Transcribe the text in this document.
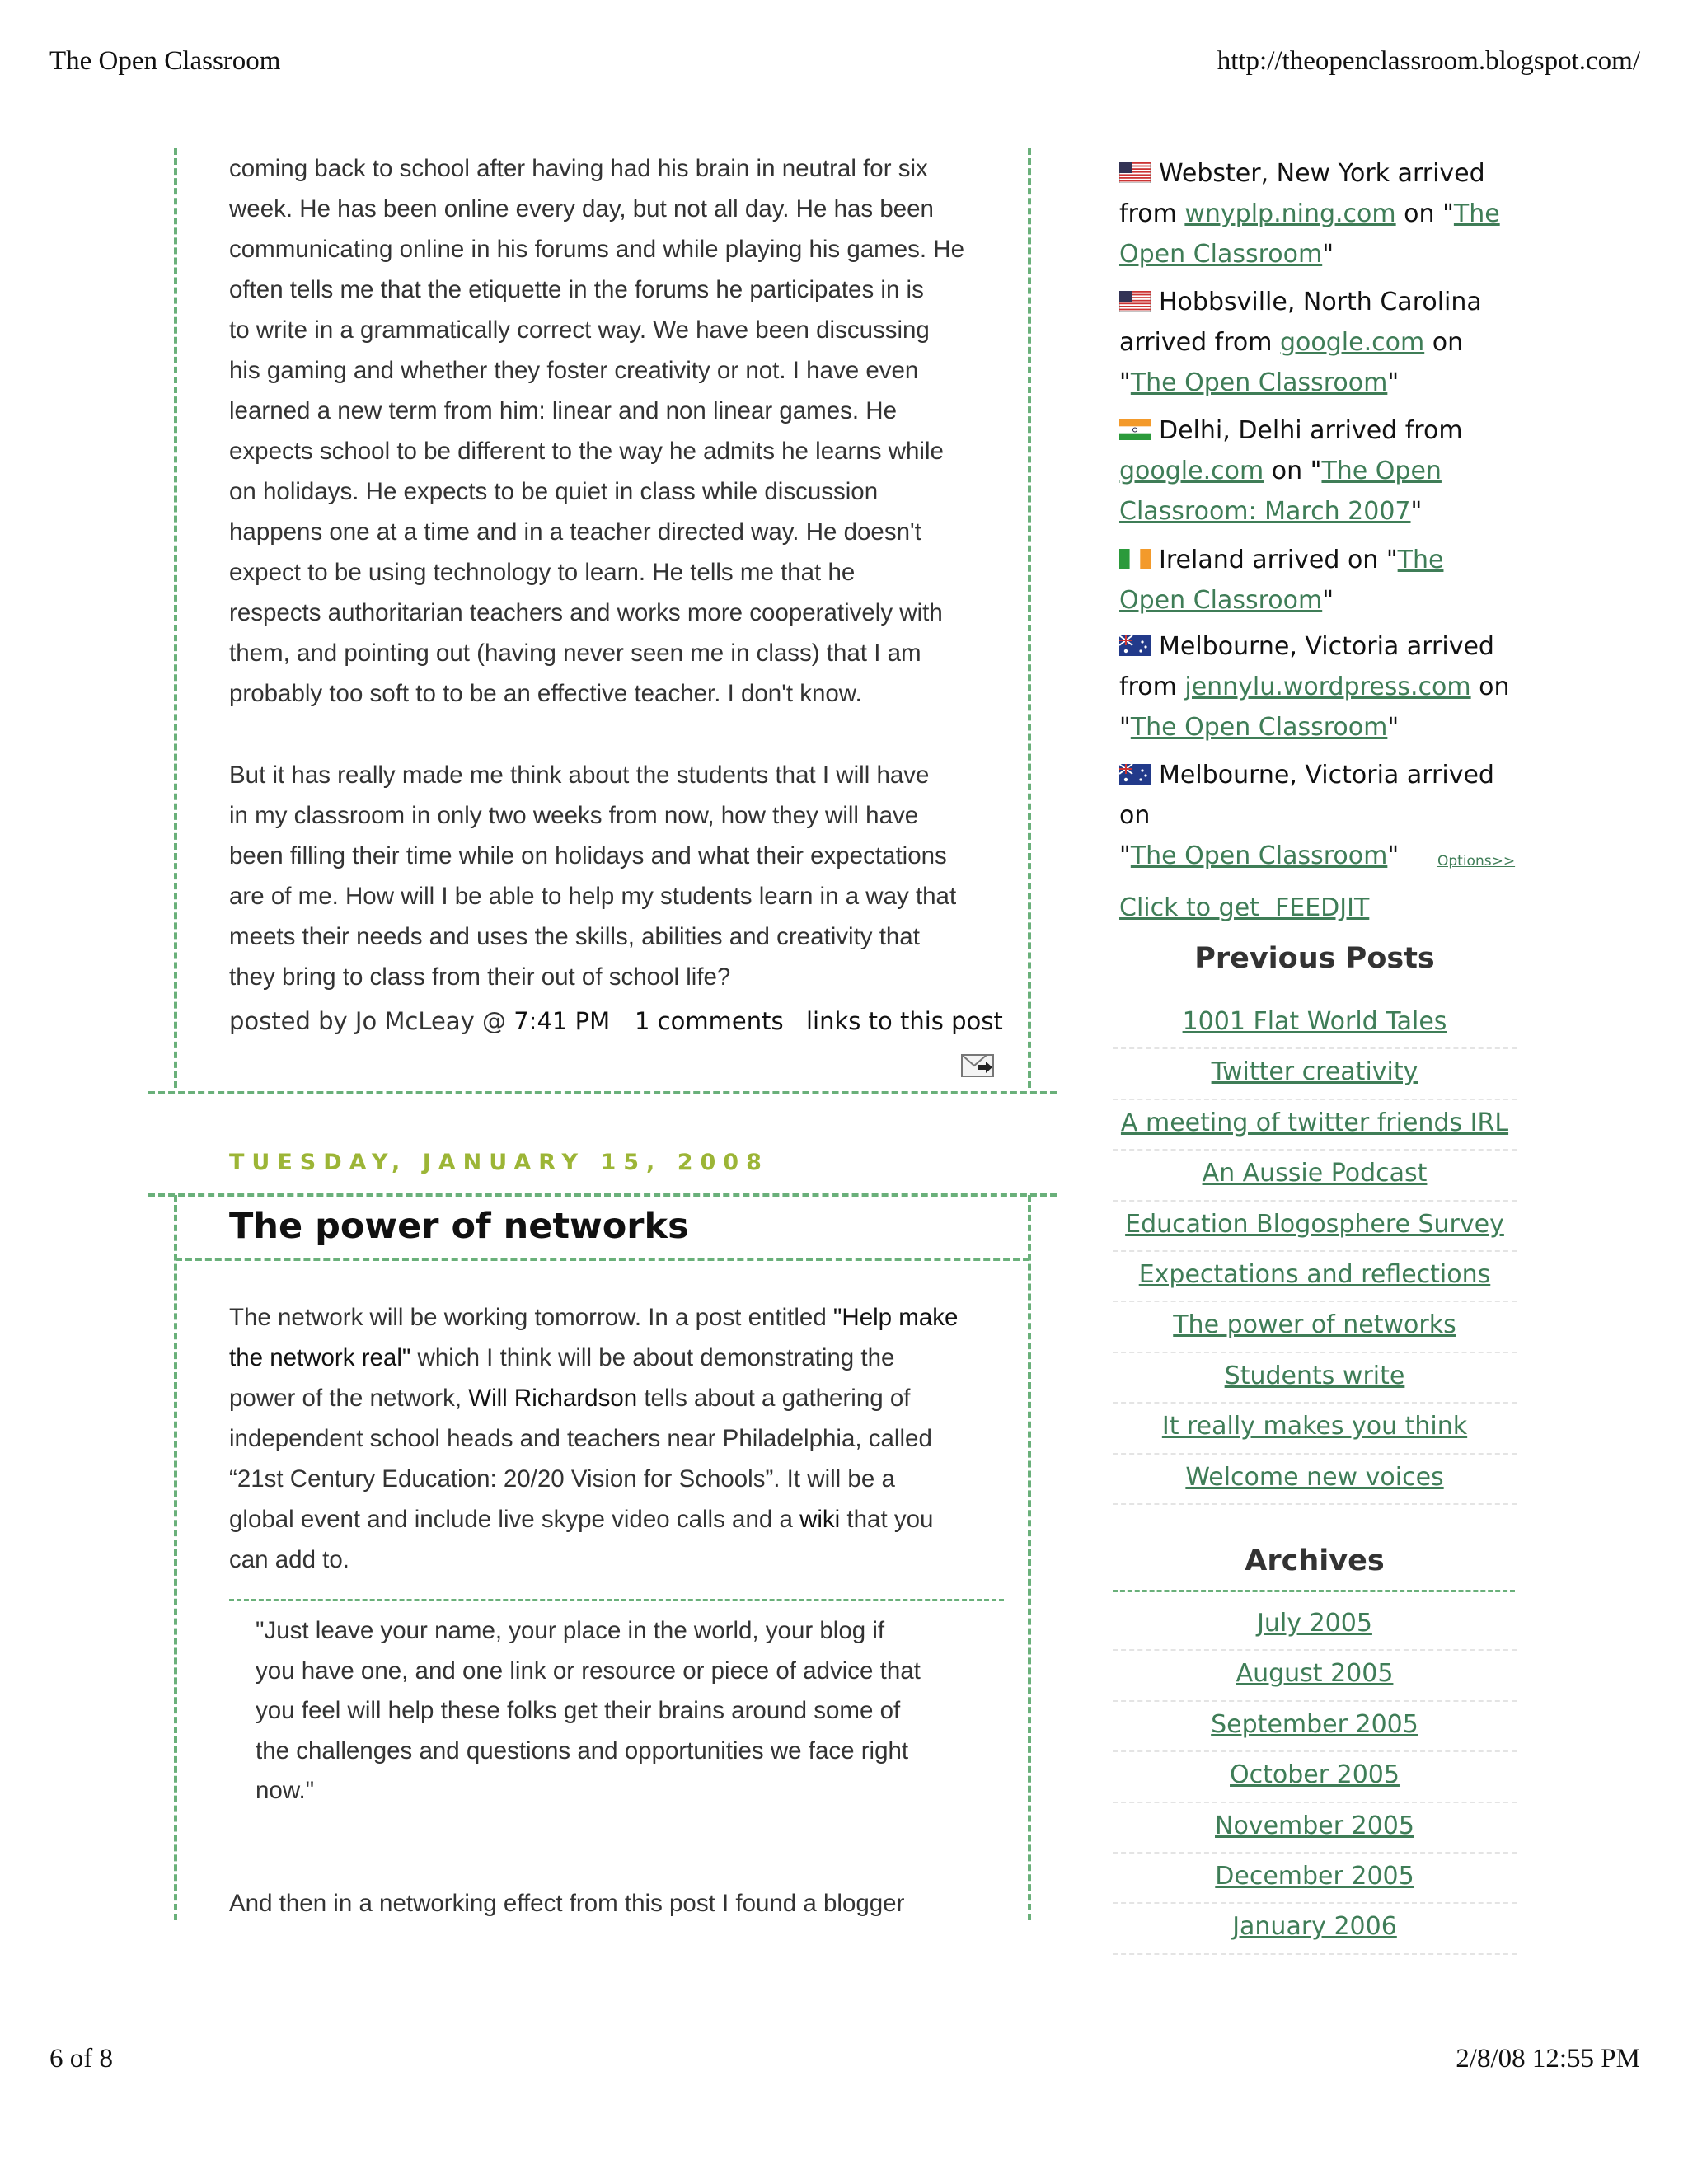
The Open Classroom	http://theopenclassroom.blogspot.com/
6 of 8	2/8/08 12:55 PM

coming back to school after having had his brain in neutral for six
week. He has been online every day, but not all day. He has been
communicating online in his forums and while playing his games. He
often tells me that the etiquette in the forums he participates in is
to write in a grammatically correct way. We have been discussing
his gaming and whether they foster creativity or not. I have even
learned a new term from him: linear and non linear games. He
expects school to be different to the way he admits he learns while
on holidays. He expects to be quiet in class while discussion
happens one at a time and in a teacher directed way. He doesn't
expect to be using technology to learn. He tells me that he
respects authoritarian teachers and works more cooperatively with
them, and pointing out (having never seen me in class) that I am
probably too soft to to be an effective teacher. I don't know.

But it has really made me think about the students that I will have
in my classroom in only two weeks from now, how they will have
been filling their time while on holidays and what their expectations
are of me. How will I be able to help my students learn in a way that
meets their needs and uses the skills, abilities and creativity that
they bring to class from their out of school life?

posted by Jo McLeay @ 7:41 PM 1 comments links to this post
TUESDAY, JANUARY 15, 2008
The power of networks

The network will be working tomorrow. In a post entitled "Help make
the network real" which I think will be about demonstrating the
power of the network, Will Richardson tells about a gathering of
independent school heads and teachers near Philadelphia, called
“21st Century Education: 20/20 Vision for Schools”. It will be a
global event and include live skype video calls and a wiki that you
can add to.

"Just leave your name, your place in the world, your blog if
you have one, and one link or resource or piece of advice that
you feel will help these folks get their brains around some of
the challenges and questions and opportunities we face right
now."
And then in a networking effect from this post I found a blogger
Webster, New York arrived
from wnyplp.ning.com on "The Open Classroom"
Hobbsville, North Carolina
arrived from google.com on "The Open Classroom"
Delhi, Delhi arrived from google.com on "The Open Classroom: March 2007"
Ireland arrived on "The Open Classroom"
Melbourne, Victoria arrived
from jennylu.wordpress.com on "The Open Classroom"
Melbourne, Victoria arrived on
"The Open Classroom"	Options>>
Click to get  FEEDJIT
Previous Posts
1001 Flat World Tales
Twitter creativity
A meeting of twitter friends IRL
An Aussie Podcast
Education Blogosphere Survey
Expectations and reflections
The power of networks
Students write
It really makes you think
Welcome new voices
Archives
July 2005
August 2005
September 2005
October 2005
November 2005
December 2005
January 2006
